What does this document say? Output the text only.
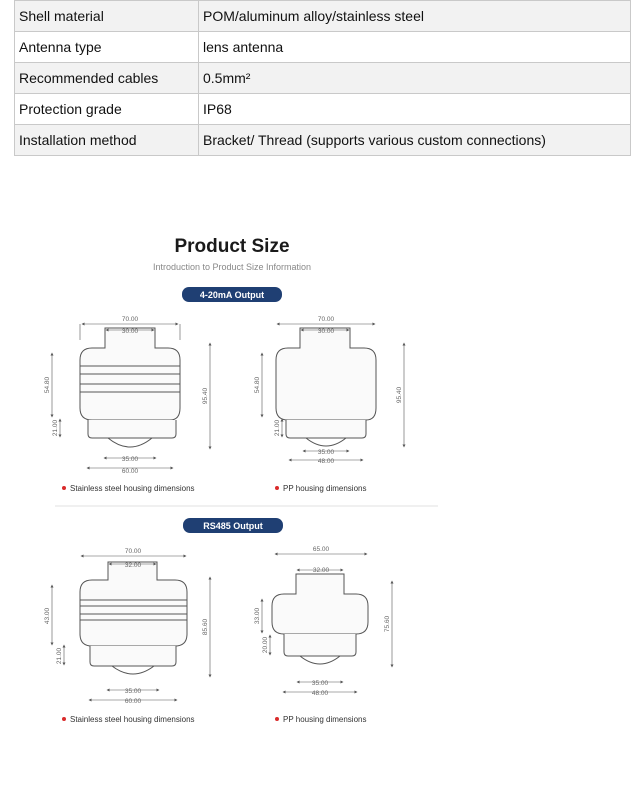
Shell material	POM/aluminum alloy/stainless steel
Antenna type	lens antenna
Recommended cables	0.5mm²
Protection grade	IP68
Installation method	Bracket/ Thread (supports various custom connections)
Product Size
Introduction to Product Size Information
4-20mA Output
70.00
30.00
54.80
21.00
95.40
35.00
60.00
Stainless steel housing dimensions
70.00
30.00
54.80
21.00
95.40
35.00
48.00
PP housing dimensions
RS485 Output
70.00
32.00
43.00
21.00
85.60
35.00
60.00
Stainless steel housing dimensions
65.00
32.00
33.00
20.00
75.60
35.00
48.00
PP housing dimensions
